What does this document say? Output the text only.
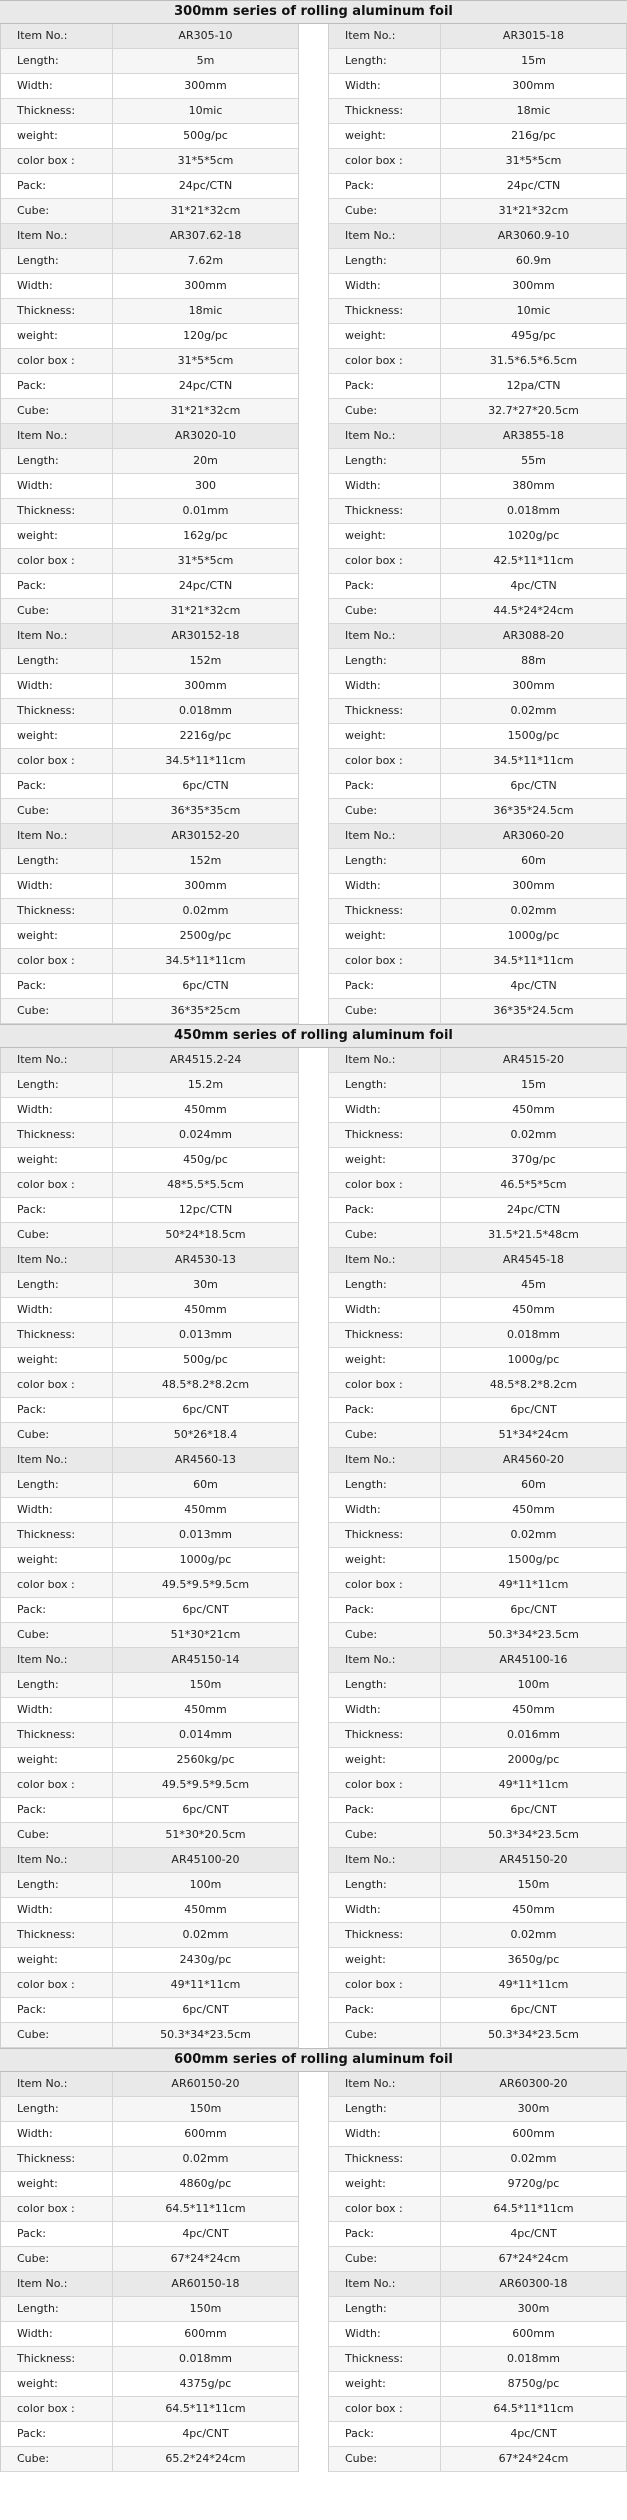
300mm series of rolling aluminum foil
Item No.:	AR305-10
Length:	5m
Width:	300mm
Thickness:	10mic
weight:	500g/pc
color box :	31*5*5cm
Pack:	24pc/CTN
Cube:	31*21*32cm
Item No.:	AR3015-18
Length:	15m
Width:	300mm
Thickness:	18mic
weight:	216g/pc
color box :	31*5*5cm
Pack:	24pc/CTN
Cube:	31*21*32cm
Item No.:	AR307.62-18
Length:	7.62m
Width:	300mm
Thickness:	18mic
weight:	120g/pc
color box :	31*5*5cm
Pack:	24pc/CTN
Cube:	31*21*32cm
Item No.:	AR3060.9-10
Length:	60.9m
Width:	300mm
Thickness:	10mic
weight:	495g/pc
color box :	31.5*6.5*6.5cm
Pack:	12pa/CTN
Cube:	32.7*27*20.5cm
Item No.:	AR3020-10
Length:	20m
Width:	300
Thickness:	0.01mm
weight:	162g/pc
color box :	31*5*5cm
Pack:	24pc/CTN
Cube:	31*21*32cm
Item No.:	AR3855-18
Length:	55m
Width:	380mm
Thickness:	0.018mm
weight:	1020g/pc
color box :	42.5*11*11cm
Pack:	4pc/CTN
Cube:	44.5*24*24cm
Item No.:	AR30152-18
Length:	152m
Width:	300mm
Thickness:	0.018mm
weight:	2216g/pc
color box :	34.5*11*11cm
Pack:	6pc/CTN
Cube:	36*35*35cm
Item No.:	AR3088-20
Length:	88m
Width:	300mm
Thickness:	0.02mm
weight:	1500g/pc
color box :	34.5*11*11cm
Pack:	6pc/CTN
Cube:	36*35*24.5cm
Item No.:	AR30152-20
Length:	152m
Width:	300mm
Thickness:	0.02mm
weight:	2500g/pc
color box :	34.5*11*11cm
Pack:	6pc/CTN
Cube:	36*35*25cm
Item No.:	AR3060-20
Length:	60m
Width:	300mm
Thickness:	0.02mm
weight:	1000g/pc
color box :	34.5*11*11cm
Pack:	4pc/CTN
Cube:	36*35*24.5cm
450mm series of rolling aluminum foil
Item No.:	AR4515.2-24
Length:	15.2m
Width:	450mm
Thickness:	0.024mm
weight:	450g/pc
color box :	48*5.5*5.5cm
Pack:	12pc/CTN
Cube:	50*24*18.5cm
Item No.:	AR4515-20
Length:	15m
Width:	450mm
Thickness:	0.02mm
weight:	370g/pc
color box :	46.5*5*5cm
Pack:	24pc/CTN
Cube:	31.5*21.5*48cm
Item No.:	AR4530-13
Length:	30m
Width:	450mm
Thickness:	0.013mm
weight:	500g/pc
color box :	48.5*8.2*8.2cm
Pack:	6pc/CNT
Cube:	50*26*18.4
Item No.:	AR4545-18
Length:	45m
Width:	450mm
Thickness:	0.018mm
weight:	1000g/pc
color box :	48.5*8.2*8.2cm
Pack:	6pc/CNT
Cube:	51*34*24cm
Item No.:	AR4560-13
Length:	60m
Width:	450mm
Thickness:	0.013mm
weight:	1000g/pc
color box :	49.5*9.5*9.5cm
Pack:	6pc/CNT
Cube:	51*30*21cm
Item No.:	AR4560-20
Length:	60m
Width:	450mm
Thickness:	0.02mm
weight:	1500g/pc
color box :	49*11*11cm
Pack:	6pc/CNT
Cube:	50.3*34*23.5cm
Item No.:	AR45150-14
Length:	150m
Width:	450mm
Thickness:	0.014mm
weight:	2560kg/pc
color box :	49.5*9.5*9.5cm
Pack:	6pc/CNT
Cube:	51*30*20.5cm
Item No.:	AR45100-16
Length:	100m
Width:	450mm
Thickness:	0.016mm
weight:	2000g/pc
color box :	49*11*11cm
Pack:	6pc/CNT
Cube:	50.3*34*23.5cm
Item No.:	AR45100-20
Length:	100m
Width:	450mm
Thickness:	0.02mm
weight:	2430g/pc
color box :	49*11*11cm
Pack:	6pc/CNT
Cube:	50.3*34*23.5cm
Item No.:	AR45150-20
Length:	150m
Width:	450mm
Thickness:	0.02mm
weight:	3650g/pc
color box :	49*11*11cm
Pack:	6pc/CNT
Cube:	50.3*34*23.5cm
600mm series of rolling aluminum foil
Item No.:	AR60150-20
Length:	150m
Width:	600mm
Thickness:	0.02mm
weight:	4860g/pc
color box :	64.5*11*11cm
Pack:	4pc/CNT
Cube:	67*24*24cm
Item No.:	AR60300-20
Length:	300m
Width:	600mm
Thickness:	0.02mm
weight:	9720g/pc
color box :	64.5*11*11cm
Pack:	4pc/CNT
Cube:	67*24*24cm
Item No.:	AR60150-18
Length:	150m
Width:	600mm
Thickness:	0.018mm
weight:	4375g/pc
color box :	64.5*11*11cm
Pack:	4pc/CNT
Cube:	65.2*24*24cm
Item No.:	AR60300-18
Length:	300m
Width:	600mm
Thickness:	0.018mm
weight:	8750g/pc
color box :	64.5*11*11cm
Pack:	4pc/CNT
Cube:	67*24*24cm
